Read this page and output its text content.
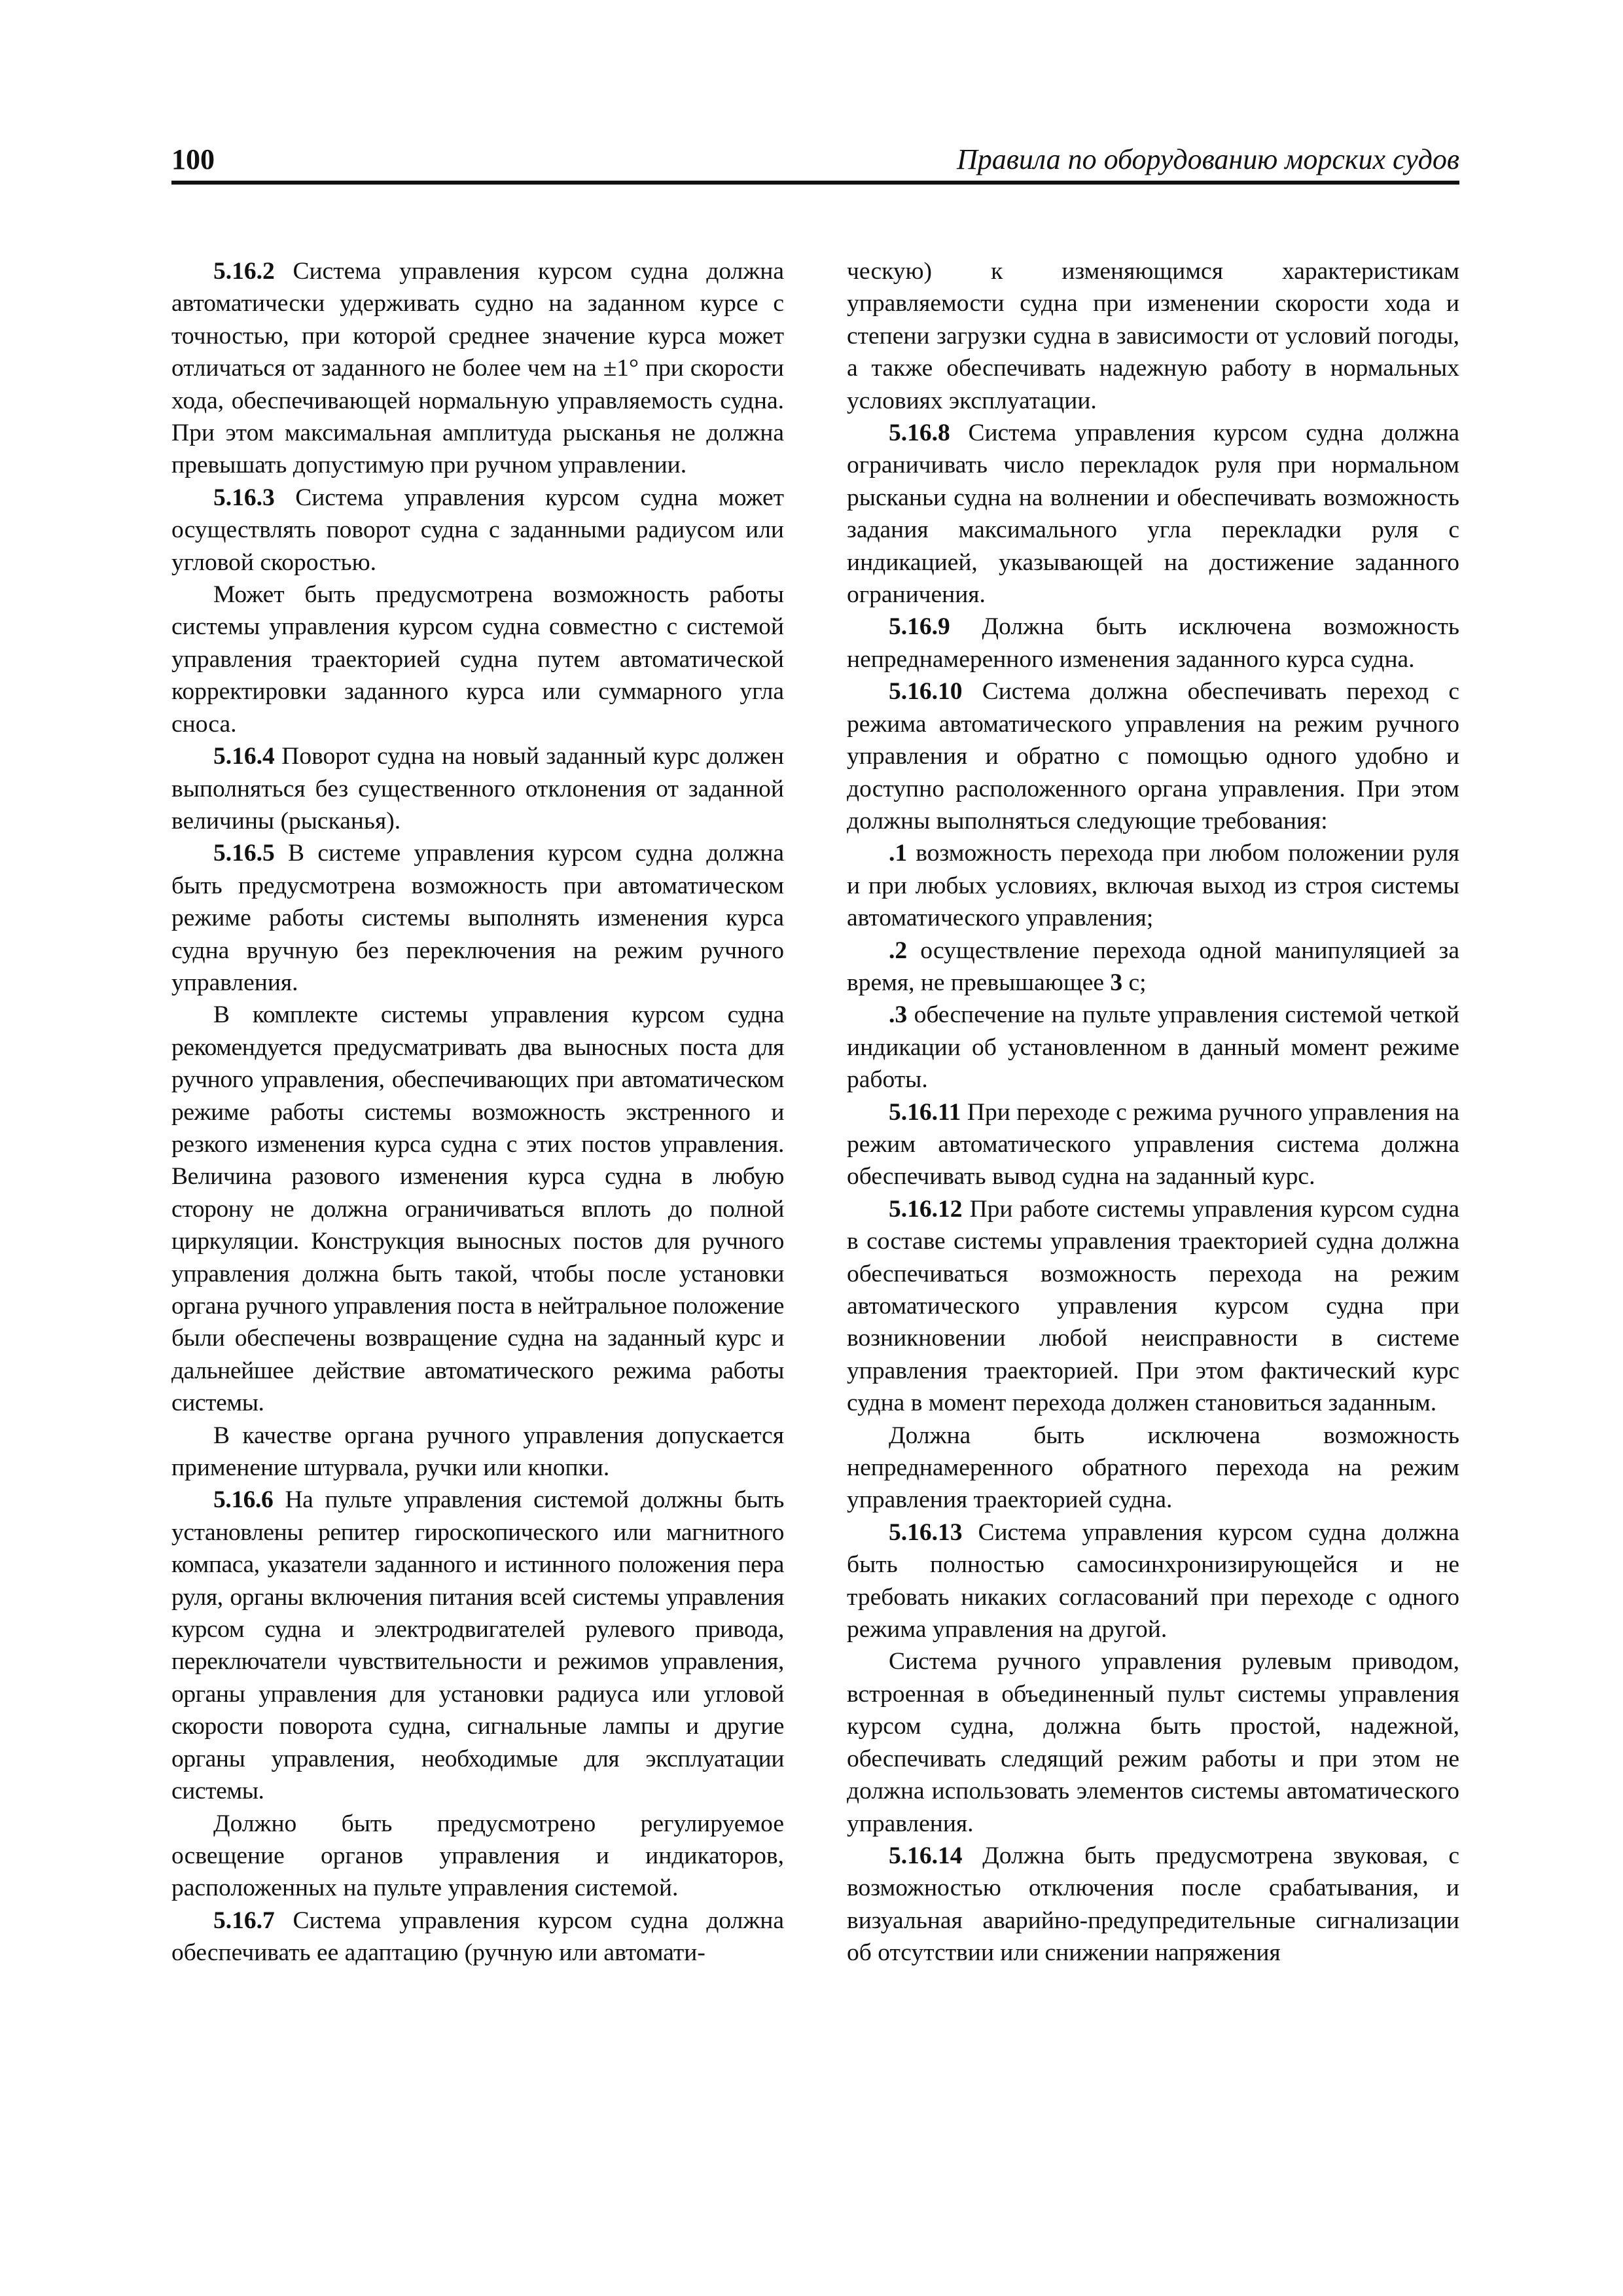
100	Правила по оборудованию морских судов

5.16.2 Система управления курсом судна должна автоматически удерживать судно на заданном курсе с точностью, при которой среднее значение курса может отличаться от заданного не более чем на ±1° при скорости хода, обеспечивающей нормальную управляемость судна. При этом максимальная амплитуда рысканья не должна превышать допустимую при ручном управлении.

5.16.3 Система управления курсом судна может осуществлять поворот судна с заданными радиусом или угловой скоростью.

Может быть предусмотрена возможность работы системы управления курсом судна совместно с системой управления траекторией судна путем автоматической корректировки заданного курса или суммарного угла сноса.

5.16.4 Поворот судна на новый заданный курс должен выполняться без существенного отклонения от заданной величины (рысканья).

5.16.5 В системе управления курсом судна должна быть предусмотрена возможность при автоматическом режиме работы системы выполнять изменения курса судна вручную без переключения на режим ручного управления.

В комплекте системы управления курсом судна рекомендуется предусматривать два выносных поста для ручного управления, обеспечивающих при автоматическом режиме работы системы возможность экстренного и резкого изменения курса судна с этих постов управления. Величина разового изменения курса судна в любую сторону не должна ограничиваться вплоть до полной циркуляции. Конструкция выносных постов для ручного управления должна быть такой, чтобы после установки органа ручного управления поста в нейтральное положение были обеспечены возвращение судна на заданный курс и дальнейшее действие автоматического режима работы системы.

В качестве органа ручного управления допускается применение штурвала, ручки или кнопки.

5.16.6 На пульте управления системой должны быть установлены репитер гироскопического или магнитного компаса, указатели заданного и истинного положения пера руля, органы включения питания всей системы управления курсом судна и электродвигателей рулевого привода, переключатели чувствительности и режимов управления, органы управления для установки радиуса или угловой скорости поворота судна, сигнальные лампы и другие органы управления, необходимые для эксплуатации системы.

Должно быть предусмотрено регулируемое освещение органов управления и индикаторов, расположенных на пульте управления системой.

5.16.7 Система управления курсом судна должна обеспечивать ее адаптацию (ручную или автомати-

ческую) к изменяющимся характеристикам управляемости судна при изменении скорости хода и степени загрузки судна в зависимости от условий погоды, а также обеспечивать надежную работу в нормальных условиях эксплуатации.

5.16.8 Система управления курсом судна должна ограничивать число перекладок руля при нормальном рысканьи судна на волнении и обеспечивать возможность задания максимального угла перекладки руля с индикацией, указывающей на достижение заданного ограничения.

5.16.9 Должна быть исключена возможность непреднамеренного изменения заданного курса судна.

5.16.10 Система должна обеспечивать переход с режима автоматического управления на режим ручного управления и обратно с помощью одного удобно и доступно расположенного органа управления. При этом должны выполняться следующие требования:

.1 возможность перехода при любом положении руля и при любых условиях, включая выход из строя системы автоматического управления;

.2 осуществление перехода одной манипуляцией за время, не превышающее 3 с;

.3 обеспечение на пульте управления системой четкой индикации об установленном в данный момент режиме работы.

5.16.11 При переходе с режима ручного управления на режим автоматического управления система должна обеспечивать вывод судна на заданный курс.

5.16.12 При работе системы управления курсом судна в составе системы управления траекторией судна должна обеспечиваться возможность перехода на режим автоматического управления курсом судна при возникновении любой неисправности в системе управления траекторией. При этом фактический курс судна в момент перехода должен становиться заданным.

Должна быть исключена возможность непреднамеренного обратного перехода на режим управления траекторией судна.

5.16.13 Система управления курсом судна должна быть полностью самосинхронизирующейся и не требовать никаких согласований при переходе с одного режима управления на другой.

Система ручного управления рулевым приводом, встроенная в объединенный пульт системы управления курсом судна, должна быть простой, надежной, обеспечивать следящий режим работы и при этом не должна использовать элементов системы автоматического управления.

5.16.14 Должна быть предусмотрена звуковая, с возможностью отключения после срабатывания, и визуальная аварийно-предупредительные сигнализации об отсутствии или снижении напряжения
